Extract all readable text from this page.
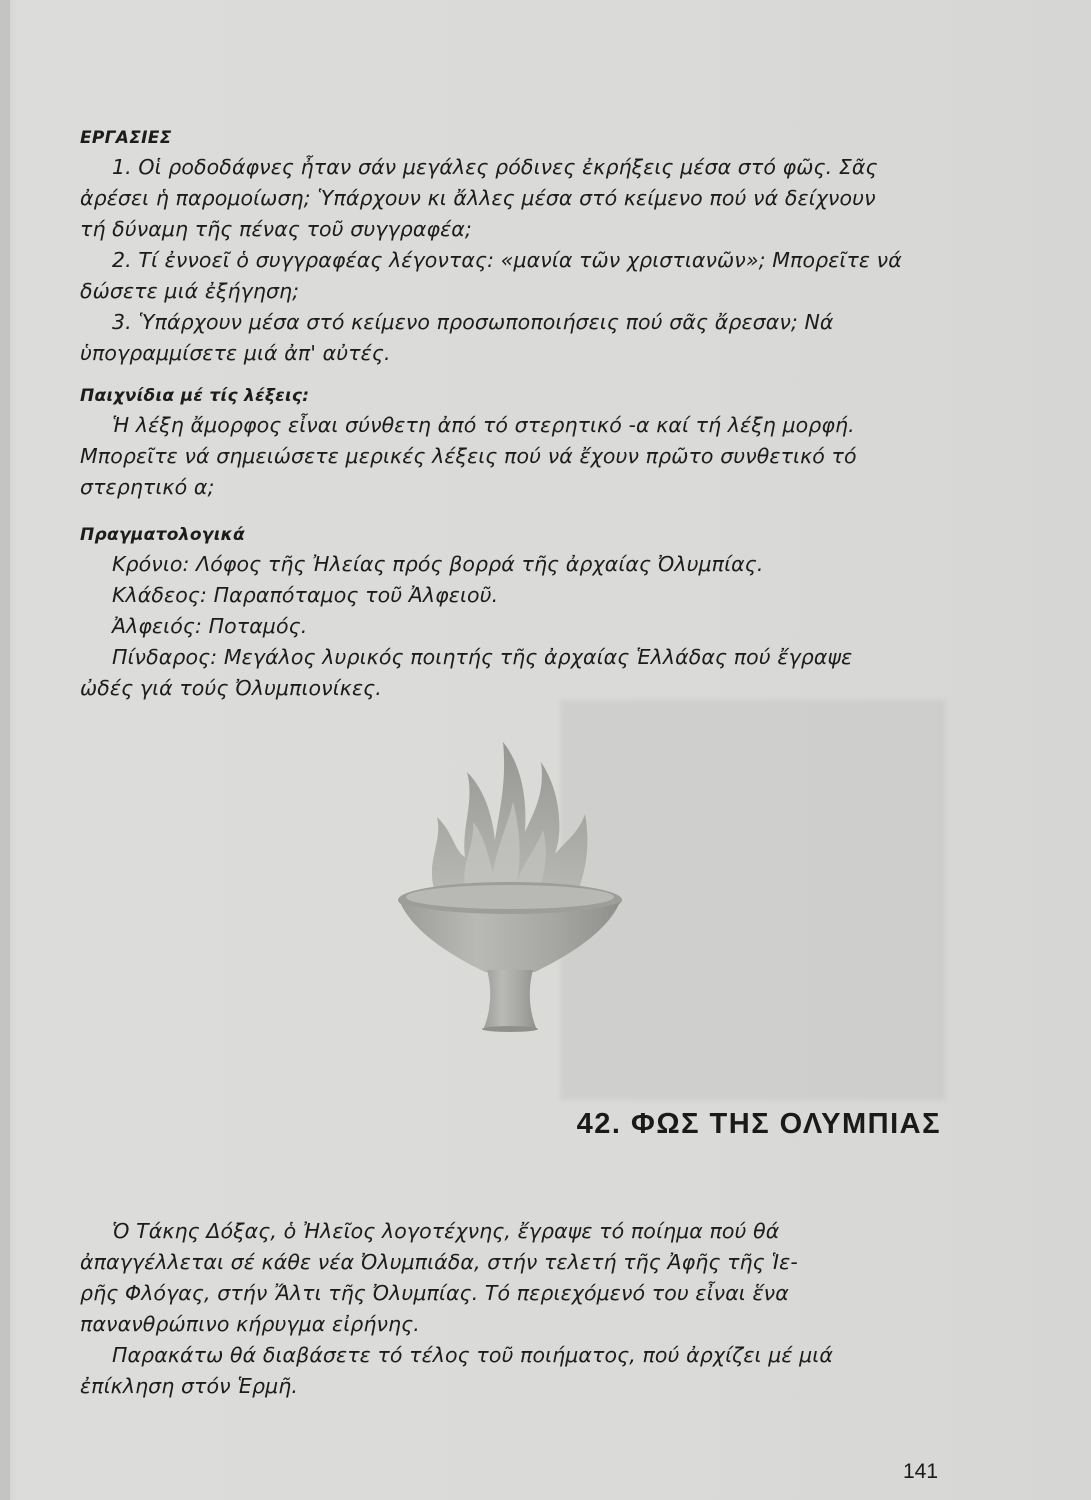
ΕΡΓΑΣΙΕΣ
1. Οἱ ροδοδάφνες ἦταν σάν μεγάλες ρόδινες ἐκρήξεις μέσα στό φῶς. Σᾶς
ἀρέσει ἡ παρομοίωση; Ὑπάρχουν κι ἄλλες μέσα στό κείμενο πού νά δείχνουν
τή δύναμη τῆς πένας τοῦ συγγραφέα;
2. Τί ἐννοεῖ ὁ συγγραφέας λέγοντας: «μανία τῶν χριστιανῶν»; Μπορεῖτε νά
δώσετε μιά ἐξήγηση;
3. Ὑπάρχουν μέσα στό κείμενο προσωποποιήσεις πού σᾶς ἄρεσαν; Νά
ὑπογραμμίσετε μιά ἀπ' αὐτές.
Παιχνίδια μέ τίς λέξεις:
Ἡ λέξη ἄμορφος εἶναι σύνθετη ἀπό τό στερητικό -α καί τή λέξη μορφή.
Μπορεῖτε νά σημειώσετε μερικές λέξεις πού νά ἔχουν πρῶτο συνθετικό τό
στερητικό α;
Πραγματολογικά
Κρόνιο: Λόφος τῆς Ἠλείας πρός βορρά τῆς ἀρχαίας Ὀλυμπίας.
Κλάδεος: Παραπόταμος τοῦ Ἀλφειοῦ.
Ἀλφειός: Ποταμός.
Πίνδαρος: Μεγάλος λυρικός ποιητής τῆς ἀρχαίας Ἑλλάδας πού ἔγραψε
ὠδές γιά τούς Ὀλυμπιονίκες.
42. ΦΩΣ ΤΗΣ ΟΛΥΜΠΙΑΣ
Ὁ Τάκης Δόξας, ὁ Ἠλεῖος λογοτέχνης, ἔγραψε τό ποίημα πού θά
ἀπαγγέλλεται σέ κάθε νέα Ὀλυμπιάδα, στήν τελετή τῆς Ἀφῆς τῆς Ἱε-
ρῆς Φλόγας, στήν Ἄλτι τῆς Ὀλυμπίας. Τό περιεχόμενό του εἶναι ἕνα
πανανθρώπινο κήρυγμα εἰρήνης.
Παρακάτω θά διαβάσετε τό τέλος τοῦ ποιήματος, πού ἀρχίζει μέ μιά
ἐπίκληση στόν Ἑρμῆ.
141
